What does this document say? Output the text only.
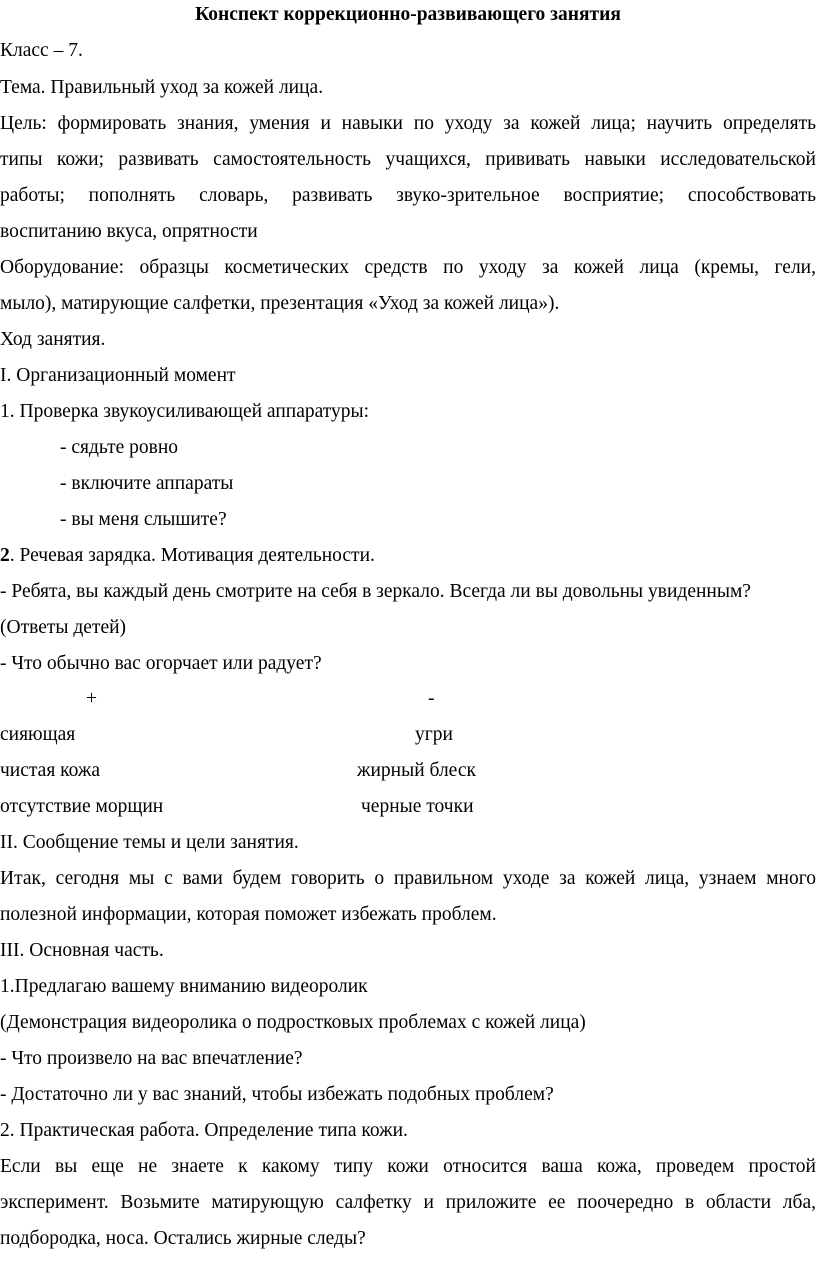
Конспект коррекционно-развивающего занятия
Класс – 7.
Тема. Правильный уход за кожей лица.
Цель: формировать знания, умения и навыки по уходу за кожей лица; научить определять
типы кожи; развивать самостоятельность учащихся, прививать навыки исследовательской
работы; пополнять словарь, развивать звуко-зрительное восприятие; способствовать
воспитанию вкуса, опрятности
Оборудование: образцы косметических средств по уходу за кожей лица (кремы, гели,
мыло), матирующие салфетки, презентация «Уход за кожей лица»).
Ход занятия.
I. Организационный момент
1. Проверка звукоусиливающей аппаратуры:
- сядьте ровно
- включите аппараты
- вы меня слышите?
2. Речевая зарядка. Мотивация деятельности.
- Ребята, вы каждый день смотрите на себя в зеркало. Всегда ли вы довольны увиденным?
(Ответы детей)
- Что обычно вас огорчает или радует?
+	-
сияющая	угри
чистая кожа	жирный блеск
отсутствие морщин	черные точки
II. Сообщение темы и цели занятия.
Итак, сегодня мы с вами будем говорить о правильном уходе за кожей лица, узнаем много
полезной информации, которая поможет избежать проблем.
III. Основная часть.
1.Предлагаю вашему вниманию видеоролик
(Демонстрация видеоролика о подростковых проблемах с кожей лица)
- Что произвело на вас впечатление?
- Достаточно ли у вас знаний, чтобы избежать подобных проблем?
2. Практическая работа. Определение типа кожи.
Если вы еще не знаете к какому типу кожи относится ваша кожа, проведем простой
эксперимент. Возьмите матирующую салфетку и приложите ее поочередно в области лба,
подбородка, носа. Остались жирные следы?
